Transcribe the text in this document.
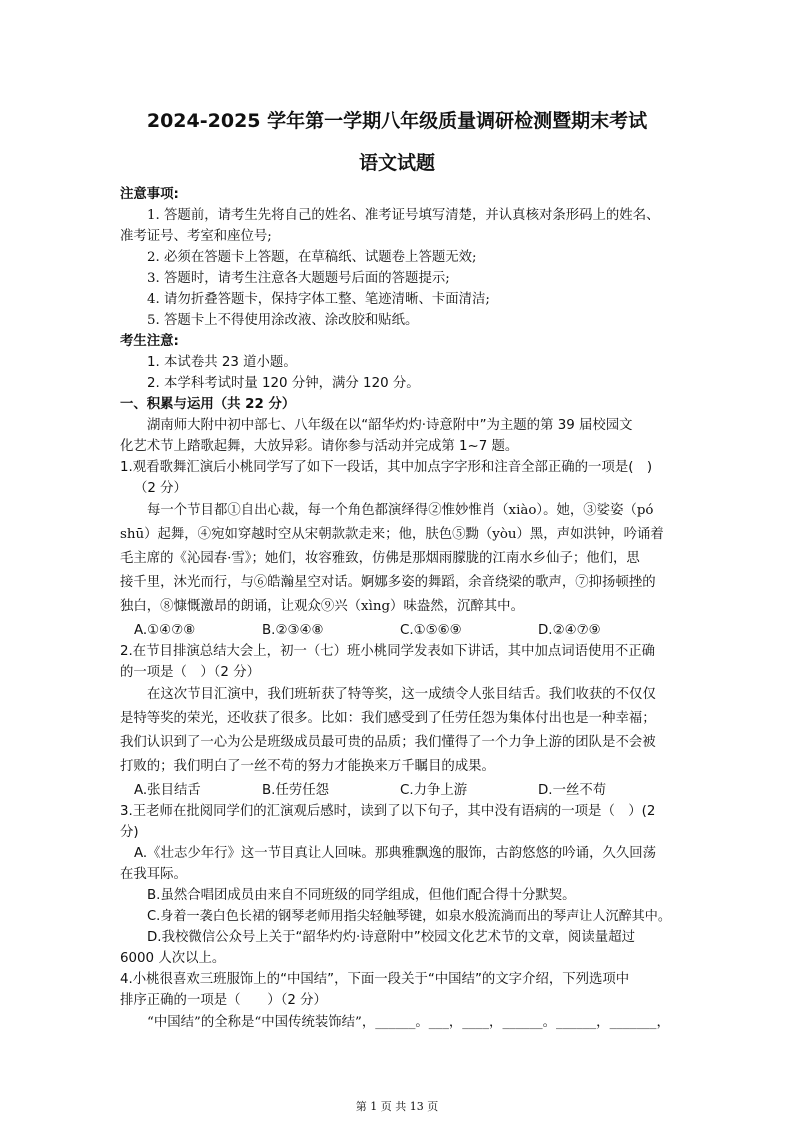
2024-2025 学年第一学期八年级质量调研检测暨期末考试
语文试题
注意事项:
1. 答题前，请考生先将自己的姓名、准考证号填写清楚，并认真核对条形码上的姓名、
准考证号、考室和座位号;
2. 必须在答题卡上答题，在草稿纸、试题卷上答题无效;
3. 答题时，请考生注意各大题题号后面的答题提示;
4. 请勿折叠答题卡，保持字体工整、笔迹清晰、卡面清洁;
5. 答题卡上不得使用涂改液、涂改胶和贴纸。
考生注意:
1. 本试卷共 23 道小题。
2. 本学科考试时量 120 分钟，满分 120 分。
一、积累与运用（共 22 分）
湖南师大附中初中部七、八年级在以“韶华灼灼·诗意附中”为主题的第 39 届校园文
化艺术节上踏歌起舞，大放异彩。请你参与活动并完成第 1~7 题。
1.观看歌舞汇演后小桃同学写了如下一段话，其中加点字字形和注音全部正确的一项是(　)
（2 分）
每一个节目都①自出心裁，每一个角色都演绎得②惟妙惟肖（xiào）。她，③娑姿（pó
shū）起舞，④宛如穿越时空从宋朝款款走来；他，肤色⑤黝（yòu）黑，声如洪钟，吟诵着
毛主席的《沁园春·雪》；她们，妆容雅致，仿佛是那烟雨朦胧的江南水乡仙子；他们，思
接千里，沐光而行，与⑥皓瀚星空对话。婀娜多姿的舞蹈，余音绕梁的歌声，⑦抑扬顿挫的
独白，⑧慷慨激昂的朗诵，让观众⑨兴（xìng）味盎然，沉醉其中。
A.①④⑦⑧	B.②③④⑧	C.①⑤⑥⑨	D.②④⑦⑨
2.在节目排演总结大会上，初一（七）班小桃同学发表如下讲话，其中加点词语使用不正确
的一项是（　）（2 分）
在这次节目汇演中，我们班斩获了特等奖，这一成绩令人张目结舌。我们收获的不仅仅
是特等奖的荣光，还收获了很多。比如：我们感受到了任劳任怨为集体付出也是一种幸福；
我们认识到了一心为公是班级成员最可贵的品质；我们懂得了一个力争上游的团队是不会被
打败的；我们明白了一丝不苟的努力才能换来万千瞩目的成果。
A.张目结舌	B.任劳任怨	C.力争上游	D.一丝不苟
3.王老师在批阅同学们的汇演观后感时，读到了以下句子，其中没有语病的一项是（　）(2
分)
A.《壮志少年行》这一节目真让人回味。那典雅飘逸的服饰，古韵悠悠的吟诵，久久回荡
在我耳际。
B.虽然合唱团成员由来自不同班级的同学组成，但他们配合得十分默契。
C.身着一袭白色长裙的钢琴老师用指尖轻触琴键，如泉水般流淌而出的琴声让人沉醉其中。
D.我校微信公众号上关于“韶华灼灼·诗意附中”校园文化艺术节的文章，阅读量超过
6000 人次以上。
4.小桃很喜欢三班服饰上的“中国结”，下面一段关于“中国结”的文字介绍，下列选项中
排序正确的一项是（　　）（2 分）
“中国结”的全称是“中国传统装饰结”，______。___，____，______。______，_______，
第 1 页 共 13 页
